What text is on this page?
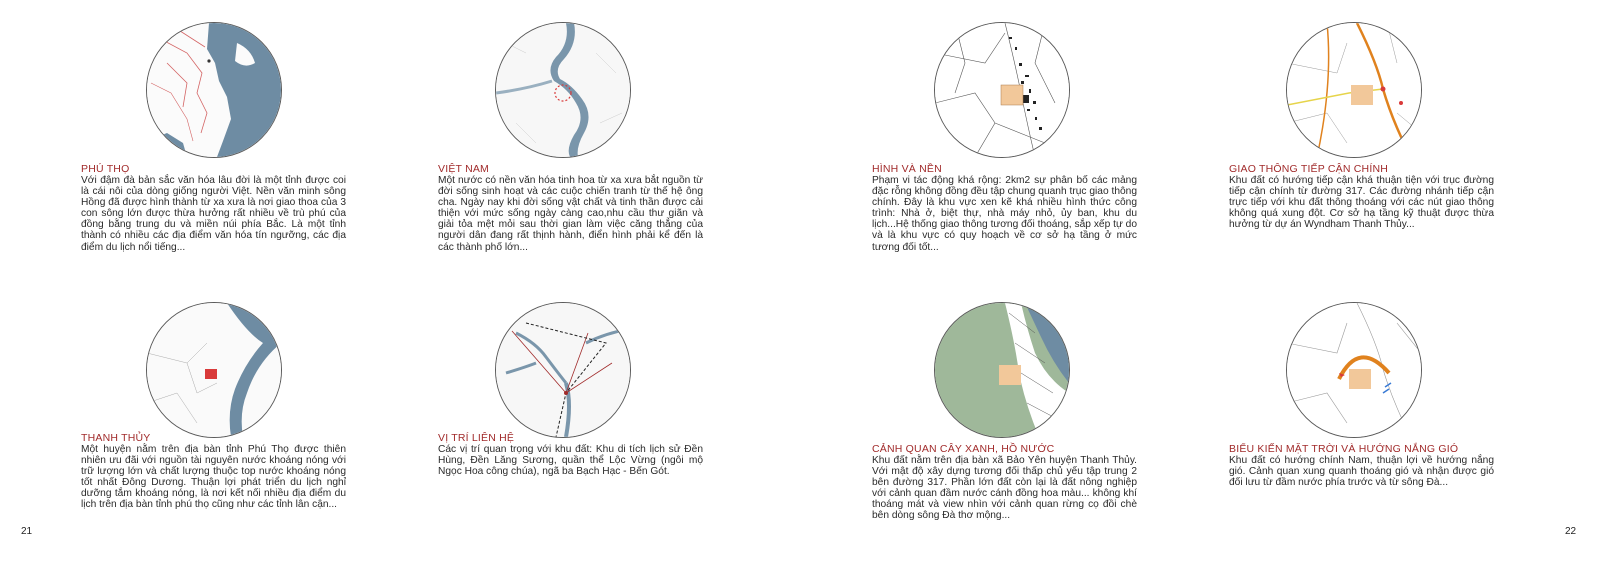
PHÚ THỌ

Với đậm đà bản sắc văn hóa lâu đời là một tỉnh được coi là cái nôi của dòng giống người Việt. Nền văn minh sông Hồng đã được hình thành từ xa xưa là nơi giao thoa của 3 con sông lớn được thừa hưởng rất nhiều về trù phú của đồng bằng trung du và miền núi phía Bắc. Là một tỉnh thành có nhiều các địa điểm văn hóa tín ngưỡng, các địa điểm du lịch nổi tiếng...

VIỆT NAM

Một nước có nền văn hóa tinh hoa từ xa xưa bắt nguồn từ đời sống sinh hoạt và các cuộc chiến tranh từ thế hệ ông cha. Ngày nay khi đời sống vật chất và tinh thần được cải thiện với mức sống ngày càng cao,nhu cầu thư giãn và giải tỏa mệt mỏi sau thời gian làm việc căng thẳng của người dân đang rất thịnh hành, điển hình phải kể đến là các thành phố lớn...

HÌNH VÀ NỀN

Phạm vi tác động khá rộng: 2km2 sự phân bố các mảng đặc rỗng không đồng đều tập chung quanh trục giao thông chính. Đây là khu vực xen kẽ khá nhiều hình thức công trình: Nhà ở, biệt thự, nhà máy nhỏ, ủy ban, khu du lịch...Hệ thống giao thông tương đối thoáng, sắp xếp tự do và là khu vực có quy hoạch về cơ sở hạ tầng ở mức tương đối tốt...

GIAO THÔNG TIẾP CẬN CHÍNH

Khu đất có hướng tiếp cận khá thuận tiện với trục đường tiếp cận chính từ đường 317. Các đường nhánh tiếp cận trực tiếp với khu đất thông thoáng với các nút giao thông không quá xung đột. Cơ sở hạ tầng kỹ thuật được thừa hưởng từ dự án Wyndham Thanh Thủy...

THANH THỦY

Một huyện nằm trên địa bàn tỉnh Phú Thọ được thiên nhiên ưu đãi với nguồn tài nguyên nước khoáng nóng với trữ lượng lớn và chất lượng thuộc top nước khoáng nóng tốt nhất Đông Dương. Thuận lợi phát triển du lịch nghỉ dưỡng tắm khoáng nóng, là nơi kết nối nhiều địa điểm du lịch trên địa bàn tỉnh phú thọ cũng như các tỉnh lân cận...

VỊ TRÍ LIÊN HỆ

Các vị trí quan trọng với khu đất: Khu di tích lịch sử Đền Hùng, Đền Lăng Sương, quần thể Lộc Vừng (ngôi mộ Ngọc Hoa công chúa), ngã ba Bạch Hạc - Bến Gót.

CẢNH QUAN CÂY XANH, HỒ NƯỚC

Khu đất nằm trên địa bàn xã Bảo Yên huyện Thanh Thủy. Với mật độ xây dựng tương đối thấp chủ yếu tập trung 2 bên đường 317. Phần lớn đất còn lại là đất nông nghiệp với cảnh quan đầm nước cánh đồng hoa màu... không khí thoáng mát và view nhìn với cảnh quan rừng cọ đồi chè bên dòng sông Đà thơ mộng...

BIỂU KIẾN MẶT TRỜI VÀ HƯỚNG NẮNG GIÓ

Khu đất có hướng chính Nam, thuận lợi về hướng nắng gió. Cảnh quan xung quanh thoáng gió và nhận được gió đối lưu từ đầm nước phía trước và từ sông Đà...

21	22
